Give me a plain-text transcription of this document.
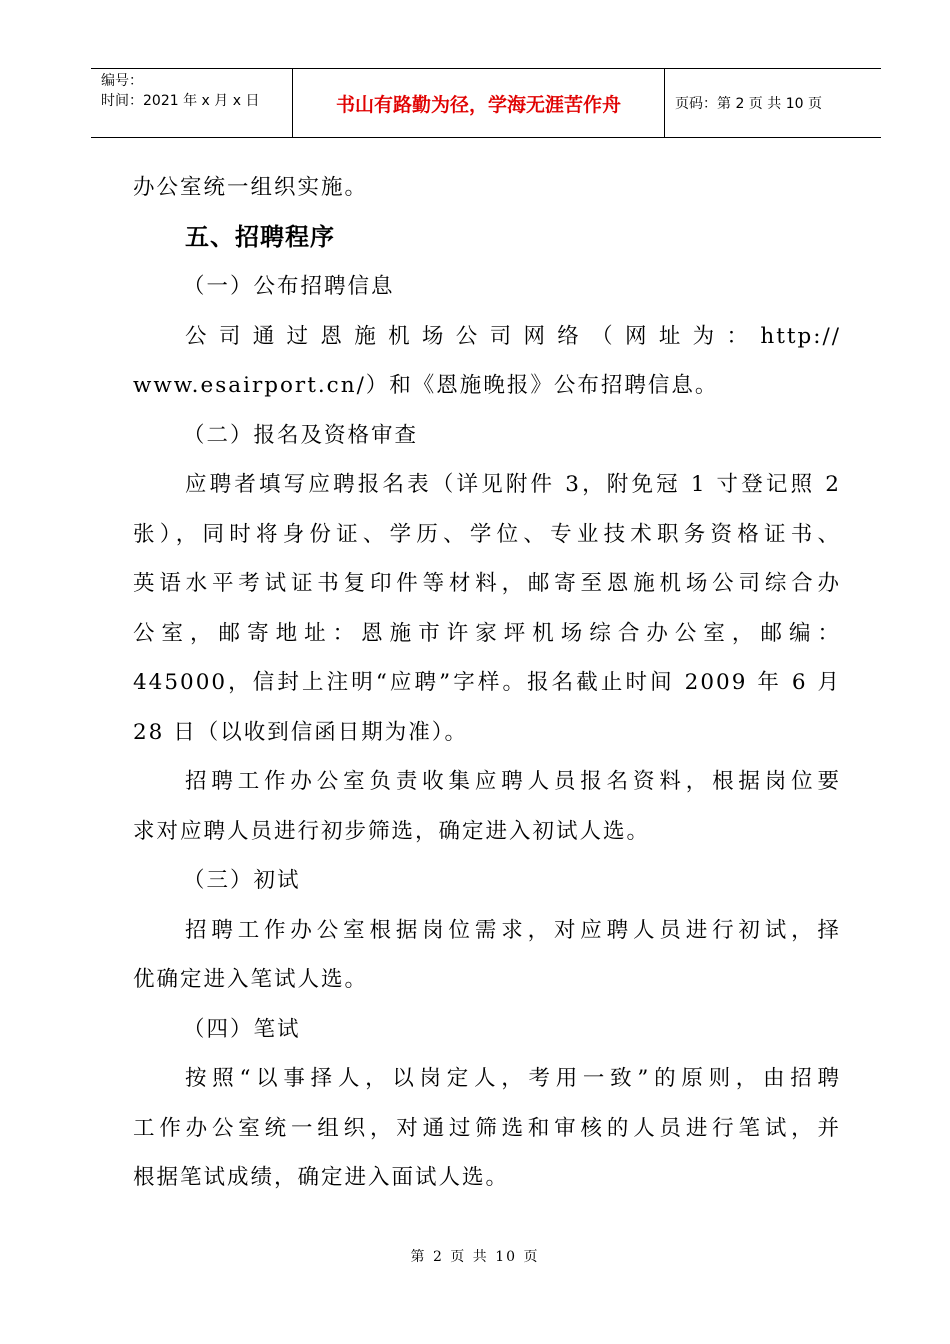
编号：
时间：2021 年 x 月 x 日	书山有路勤为径，学海无涯苦作舟	页码：第 2 页 共 10 页

办公室统一组织实施。

五、招聘程序

（一）公布招聘信息

公司通过恩施机场公司网络（网址为：http://

www.esairport.cn/）和《恩施晚报》公布招聘信息。

（二）报名及资格审查

应聘者填写应聘报名表（详见附件 3，附免冠 1 寸登记照 2

张），同时将身份证、学历、学位、专业技术职务资格证书、

英语水平考试证书复印件等材料，邮寄至恩施机场公司综合办

公室，邮寄地址：恩施市许家坪机场综合办公室，邮编：

445000，信封上注明“应聘”字样。报名截止时间 2009 年 6 月

28 日（以收到信函日期为准）。

招聘工作办公室负责收集应聘人员报名资料，根据岗位要

求对应聘人员进行初步筛选，确定进入初试人选。

（三）初试

招聘工作办公室根据岗位需求，对应聘人员进行初试，择

优确定进入笔试人选。

（四）笔试

按照“以事择人，以岗定人，考用一致”的原则，由招聘

工作办公室统一组织，对通过筛选和审核的人员进行笔试，并

根据笔试成绩，确定进入面试人选。

第 2 页 共 10 页
